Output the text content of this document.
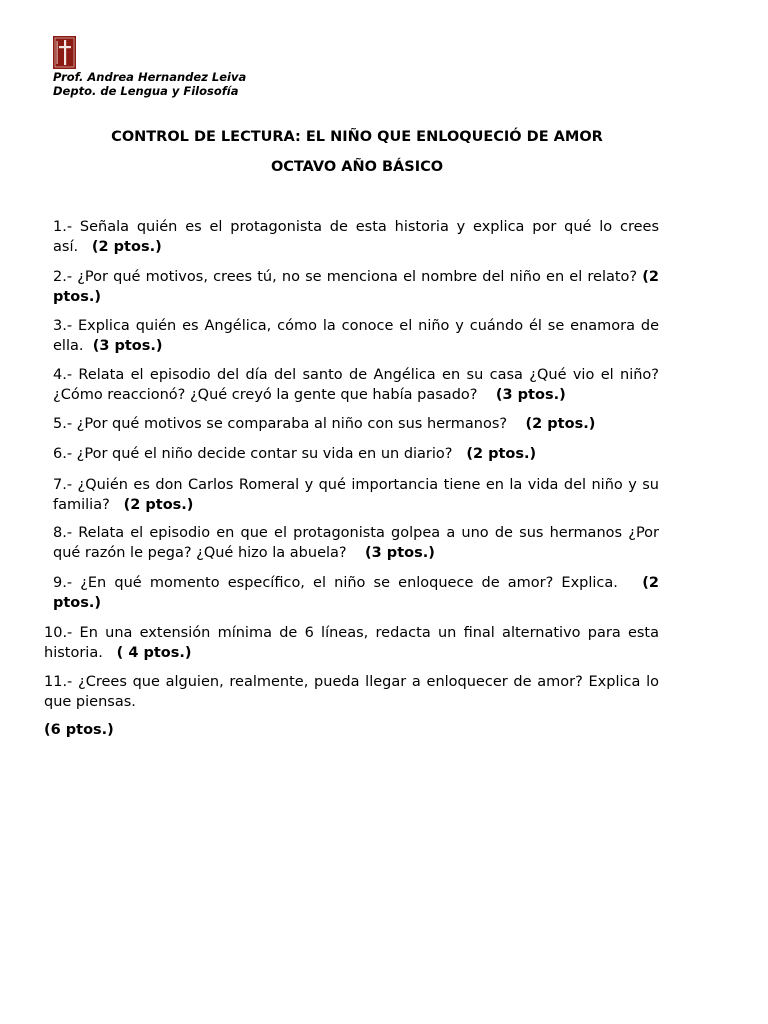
Prof. Andrea Hernandez Leiva
Depto. de Lengua y Filosofía
CONTROL DE LECTURA: EL NIÑO QUE ENLOQUECIÓ DE AMOR
OCTAVO AÑO BÁSICO
1.- Señala quién es el protagonista de esta historia y explica por qué lo crees así. (2 ptos.)
2.- ¿Por qué motivos, crees tú, no se menciona el nombre del niño en el relato? (2 ptos.)
3.- Explica quién es Angélica, cómo la conoce el niño y cuándo él se enamora de ella. (3 ptos.)
4.- Relata el episodio del día del santo de Angélica en su casa ¿Qué vio el niño? ¿Cómo reaccionó? ¿Qué creyó la gente que había pasado? (3 ptos.)
5.- ¿Por qué motivos se comparaba al niño con sus hermanos? (2 ptos.)
6.- ¿Por qué el niño decide contar su vida en un diario? (2 ptos.)
7.- ¿Quién es don Carlos Romeral y qué importancia tiene en la vida del niño y su familia? (2 ptos.)
8.- Relata el episodio en que el protagonista golpea a uno de sus hermanos ¿Por qué razón le pega? ¿Qué hizo la abuela? (3 ptos.)
9.- ¿En qué momento específico, el niño se enloquece de amor? Explica. (2 ptos.)
10.- En una extensión mínima de 6 líneas, redacta un final alternativo para esta historia. ( 4 ptos.)
11.- ¿Crees que alguien, realmente, pueda llegar a enloquecer de amor? Explica lo que piensas.
(6 ptos.)
